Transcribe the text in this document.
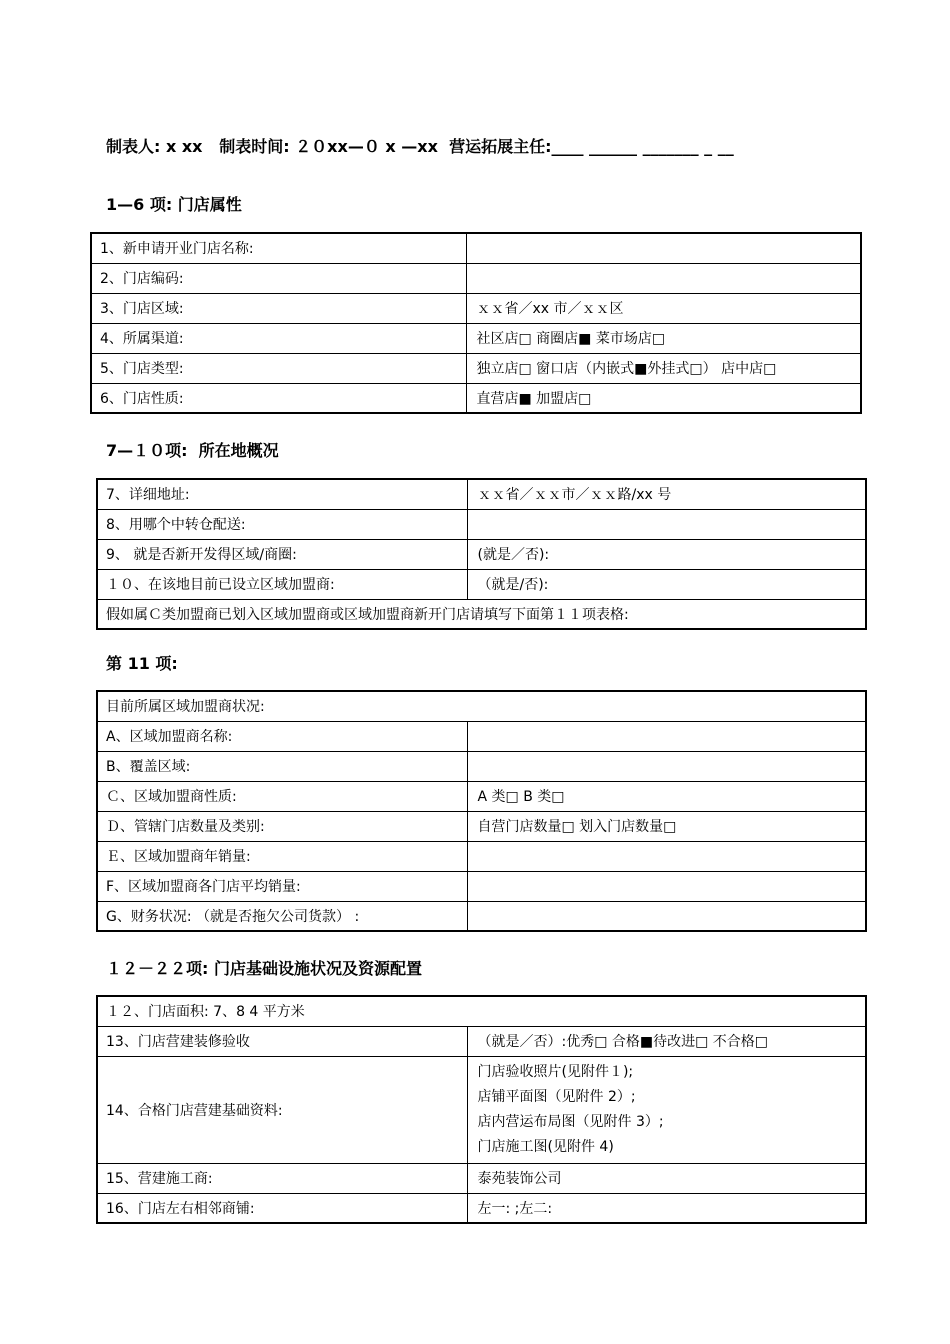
制表人: x xx   制表时间: ２０xx—０ x —xx  营运拓展主任:____ ______ _______ _ __
1—6 项: 门店属性
1、新申请开业门店名称:	
2、门店编码:	
3、门店区域:	ｘｘ省／xx 市／ｘｘ区
4、所属渠道:	社区店□ 商圈店■ 菜市场店□
5、门店类型:	独立店□ 窗口店（内嵌式■外挂式□） 店中店□
6、门店性质:	直营店■ 加盟店□
7—１０项:  所在地概况
7、详细地址:	ｘｘ省／ｘｘ市／ｘｘ路/xx 号
8、用哪个中转仓配送:	
9、 就是否新开发得区域/商圈:	(就是／否):
１０、在该地目前已设立区域加盟商:	（就是/否):
假如属Ｃ类加盟商已划入区域加盟商或区域加盟商新开门店请填写下面第１１项表格:	
第 11 项:
目前所属区域加盟商状况:	
A、区域加盟商名称:	
B、覆盖区域:	
Ｃ、区域加盟商性质:	A 类□ B 类□
Ｄ、管辖门店数量及类别:	自营门店数量□ 划入门店数量□
Ｅ、区域加盟商年销量:	
F、区域加盟商各门店平均销量:	
G、财务状况: （就是否拖欠公司货款） :	
１２－２２项: 门店基础设施状况及资源配置
１２、门店面积: 7、8 4 平方米	
13、门店营建装修验收	（就是／否）:优秀□ 合格■待改进□ 不合格□
14、合格门店营建基础资料:	门店验收照片(见附件１);
店铺平面图（见附件 2）;
店内营运布局图（见附件 3）;
门店施工图(见附件 4)

15、营建施工商:	泰苑装饰公司
16、门店左右相邻商铺:	左一: ;左二:
